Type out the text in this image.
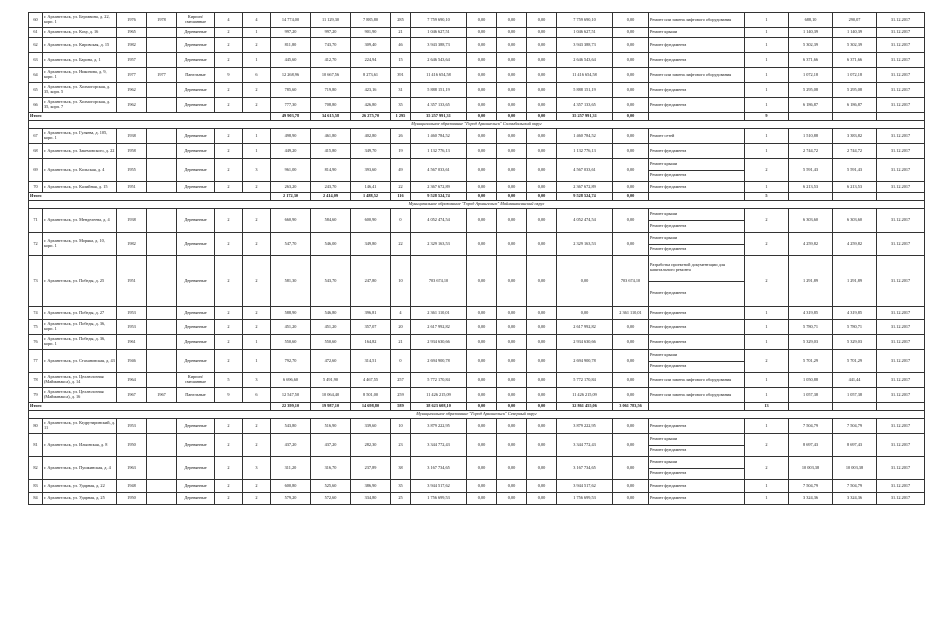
60	г. Архангельск, ул. Бергавина, д. 22, корп. 1	1976	1978	Кирпич/ смешанные	4	4	14 774,00	11 129,30	7 885,80	285	7 759 690,10	0,00	0,00	0,00	7 759 690,10	0,00	Ремонт или замена лифтового оборудования	1	688,10	290,07	31.12.2017
61	г. Архангельск, ул. Коху, д. 16	1965		Деревянные	2	1	997,20	997,20	901,90	21	1 046 627,51	0,00	0,00	0,00	1 046 627,51	0,00	Ремонт крыши	1	1 140,39	1 140,39	31.12.2017
62	г. Архангельск, ул. Кировская, д. 15	1982		Деревянные	2	2	811,80	743,70	309,40	46	3 943 388,73	0,00	0,00	0,00	3 943 388,73	0,00	Ремонт фундамента	1	5 302,39	5 302,39	31.12.2017
63	г. Архангельск, ул. Барона, д. 1	1957		Деревянные	2	1	445,60	412,70	224,94	15	2 646 543,64	0,00	0,00	0,00	2 646 543,64	0,00	Ремонт фундамента	1	6 371,66	6 371,66	31.12.2017
64	г. Архангельск, ул. Никонова, д. 9, корп. 1	1977	1977	Панельные	9	6	12 268,96	10 667,56	8 273,61	391	11 416 654,58	0,00	0,00	0,00	11 416 654,58	0,00	Ремонт или замена лифтового оборудования	1	1 072,18	1 072,18	31.12.2017
65	г. Архангельск, ул. Холмогорская, д. 35, корп. 5	1962		Деревянные	2	2	785,60	719,80	423,16	31	5 888 151,19	0,00	0,00	0,00	5 888 151,19	0,00	Ремонт фундамента	1	5 295,08	5 295,08	31.12.2017
66	г. Архангельск, ул. Холмогорская, д. 35, корп. 7	1962		Деревянные	2	2	777,30	708,80	426,80	35	4 357 133,65	0,00	0,00	0,00	4 357 133,65	0,00	Ремонт фундамента	1	6 186,87	6 186,87	31.12.2017
Итого							49 903,78	34 615,58	26 275,70	1 295	35 257 991,31	0,00	0,00	0,00	35 257 991,31	0,00		9			
Муниципальное образование "Город Архангельск" Соломбальский округ																					
67	г. Архангельск, ул. Гуляева, д. 105, корп. 1	1938		Деревянные	2	1	498,90	461,80	402,80	26	1 460 784,52	0,00	0,00	0,00	1 460 784,52	0,00	Ремонт сетей	1	1 510,88	3 383,82	31.12.2017
68	г. Архангельск, ул. Закемовского, д. 22	1958		Деревянные	2	1	449,20	415,80	349,70	19	1 132 776,13	0,00	0,00	0,00	1 132 776,13	0,00	Ремонт фундамента	1	2 744,72	2 744,72	31.12.2017
69	г. Архангельск, ул. Кольская, д. 4	1955		Деревянные	2	3	961,00	814,90	393,60	49	4 567 033,61	0,00	0,00	0,00	4 567 033,61	0,00	Ремонт крыши
Ремонт фундамента	2	5 591,43	5 591,43	31.12.2017
70	г. Архангельск, ул. Калийная, д. 15	1951		Деревянные	2	2	263,20	243,70	146,41	22	2 367 672,89	0,00	0,00	0,00	2 367 672,89	0,00	Ремонт фундамента	1	6 213,53	6 213,53	31.12.2017
Итого							2 172,30	2 414,09	1 488,52	116	9 528 524,74	0,00	0,00	0,00	9 528 524,74	0,00		5			
Муниципальное образование "Город Архангельск" Майманаксанский округ																					
71	г. Архангельск, ул. Менделеева, д. 4	1938		Деревянные	2	2	660,90	584,60	600,90	0	4 052 474,54	0,00	0,00	0,00	4 052 474,54	0,00	Ремонт крыши
Ремонт фундамента	2	6 303,60	6 303,60	31.12.2017
72	г. Архангельск, ул. Моряка, д. 10, корп. 1	1982		Деревянные	2	2	547,70	546,00	349,80	22	2 329 163,53	0,00	0,00	0,00	2 329 163,53	0,00	Ремонт крыши
Ремонт фундамента	2	4 259,82	4 259,82	31.12.2017
73	г. Архангельск, ул. Победы, д. 25	1951		Деревянные	2	2	581,30	543,70	247,80	10	703 674,10	0,00	0,00	0,00	0,00	703 674,10	Разработка проектной документации для капитального ремонта
Ремонт фундамента	2	1 291,89	1 291,89	31.12.2017
74	г. Архангельск, ул. Победы, д. 27	1953		Деревянные	2	2	588,90	546,80	396,81	4	2 361 110,01	0,00	0,00	0,00	0,00	2 361 110,01	Ремонт фундамента	1	4 319,85	4 319,85	31.12.2017
75	г. Архангельск, ул. Победы, д. 36, корп. 1	1953		Деревянные	2	2	451,20	451,20	357,07	20	2 617 992,82	0,00	0,00	0,00	2 617 992,82	0,00	Ремонт фундамента	1	5 780,71	5 780,71	31.12.2017
76	г. Архангельск, ул. Победы, д. 36, корп. 1	1961		Деревянные	2	1	550,60	550,60	164,82	21	2 934 630,66	0,00	0,00	0,00	2 934 630,66	0,00	Ремонт фундамента	1	5 329,03	5 329,03	31.12.2017
77	г. Архангельск, ул. Стахановская, д. 43	1946		Деревянные	2	1	792,70	472,60	314,51	0	2 694 900,78	0,00	0,00	0,00	2 694 900,78	0,00	Ремонт крыши
Ремонт фундамента	2	5 701,29	5 701,29	31.12.2017
78	г. Архангельск, ул. Целлюлозная (Майманакса), д. 14	1964		Кирпич/ смешанные	5	3	6 696,60	5 491,90	4 467,55	257	5 772 170,84	0,00	0,00	0,00	5 772 170,84	0,00	Ремонт или замена лифтового оборудования	1	1 050,88	441,44	31.12.2017
79	г. Архангельск, ул. Целлюлозная (Майманакса), д. 16	1967	1967	Панельные	9	6	12 547,50	10 064,40	8 501,00	259	11 426 215,09	0,00	0,00	0,00	11 426 215,09	0,00	Ремонт или замена лифтового оборудования	1	1 057,38	1 057,38	31.12.2017
Итого							22 399,10	19 987,10	14 698,80	589	38 623 608,10	0,00	0,00	0,00	32 861 455,06	3 061 783,56		13			
Муниципальное образование "Город Архангельск" Северный округ																					
80	г. Архангельск, ул. Кедрутиринский, д. 11	1953		Деревянные	2	2	543,80	516,90	339,60	10	3 879 222,95	0,00	0,00	0,00	3 879 222,95	0,00	Ремонт фундамента	1	7 504,79	7 504,79	31.12.2017
81	г. Архангельск, ул. Ильинская, д. 8	1950		Деревянные	2	2	437,20	437,20	282,30	23	3 344 772,43	0,00	0,00	0,00	3 344 772,43	0,00	Ремонт крыши
Ремонт фундамента	2	8 697,43	8 697,43	31.12.2017
82	г. Архангельск, ул. Пушкинская, д. 4	1963		Деревянные	2	3	311,20	316,70	237,89	38	3 167 734,65	0,00	0,00	0,00	3 167 734,65	0,00	Ремонт крыши
Ремонт фундамента	2	10 003,38	10 003,38	31.12.2017
83	г. Архангельск, ул. Ударная, д. 22	1948		Деревянные	2	2	600,80	525,60	386,90	35	3 944 517,62	0,00	0,00	0,00	3 944 517,62	0,00	Ремонт фундамента	1	7 504,79	7 504,79	31.12.2017
84	г. Архангельск, ул. Ударная, д. 25	1950		Деревянные	2	2	579,20	572,60	334,80	25	1 756 699,53	0,00	0,00	0,00	1 756 699,53	0,00	Ремонт фундамента	1	3 324,36	3 324,36	31.12.2017
